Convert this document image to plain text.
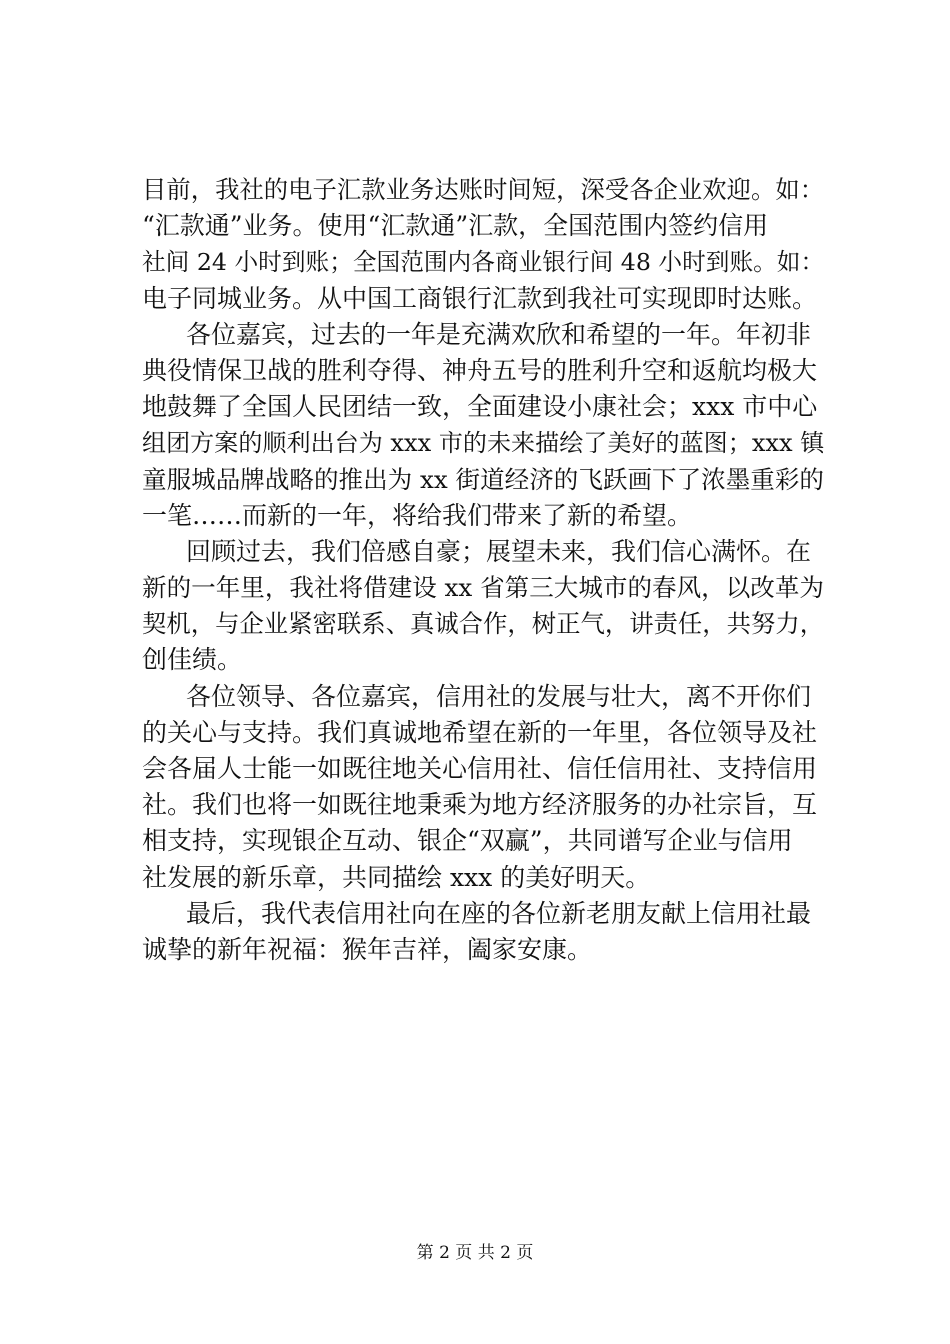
目前，我社的电子汇款业务达账时间短，深受各企业欢迎。如：
“汇款通”业务。使用“汇款通”汇款，全国范围内签约信用
社间 24 小时到账；全国范围内各商业银行间 48 小时到账。如：
电子同城业务。从中国工商银行汇款到我社可实现即时达账。
各位嘉宾，过去的一年是充满欢欣和希望的一年。年初非
典役情保卫战的胜利夺得、神舟五号的胜利升空和返航均极大
地鼓舞了全国人民团结一致，全面建设小康社会；xxx 市中心
组团方案的顺利出台为 xxx 市的未来描绘了美好的蓝图；xxx 镇
童服城品牌战略的推出为 xx 街道经济的飞跃画下了浓墨重彩的
一笔……而新的一年，将给我们带来了新的希望。
回顾过去，我们倍感自豪；展望未来，我们信心满怀。在
新的一年里，我社将借建设 xx 省第三大城市的春风，以改革为
契机，与企业紧密联系、真诚合作，树正气，讲责任，共努力，
创佳绩。
各位领导、各位嘉宾，信用社的发展与壮大，离不开你们
的关心与支持。我们真诚地希望在新的一年里，各位领导及社
会各届人士能一如既往地关心信用社、信任信用社、支持信用
社。我们也将一如既往地秉乘为地方经济服务的办社宗旨，互
相支持，实现银企互动、银企“双赢”，共同谱写企业与信用
社发展的新乐章，共同描绘 xxx 的美好明天。
最后，我代表信用社向在座的各位新老朋友献上信用社最
诚挚的新年祝福：猴年吉祥，阖家安康。
第 2 页 共 2 页
